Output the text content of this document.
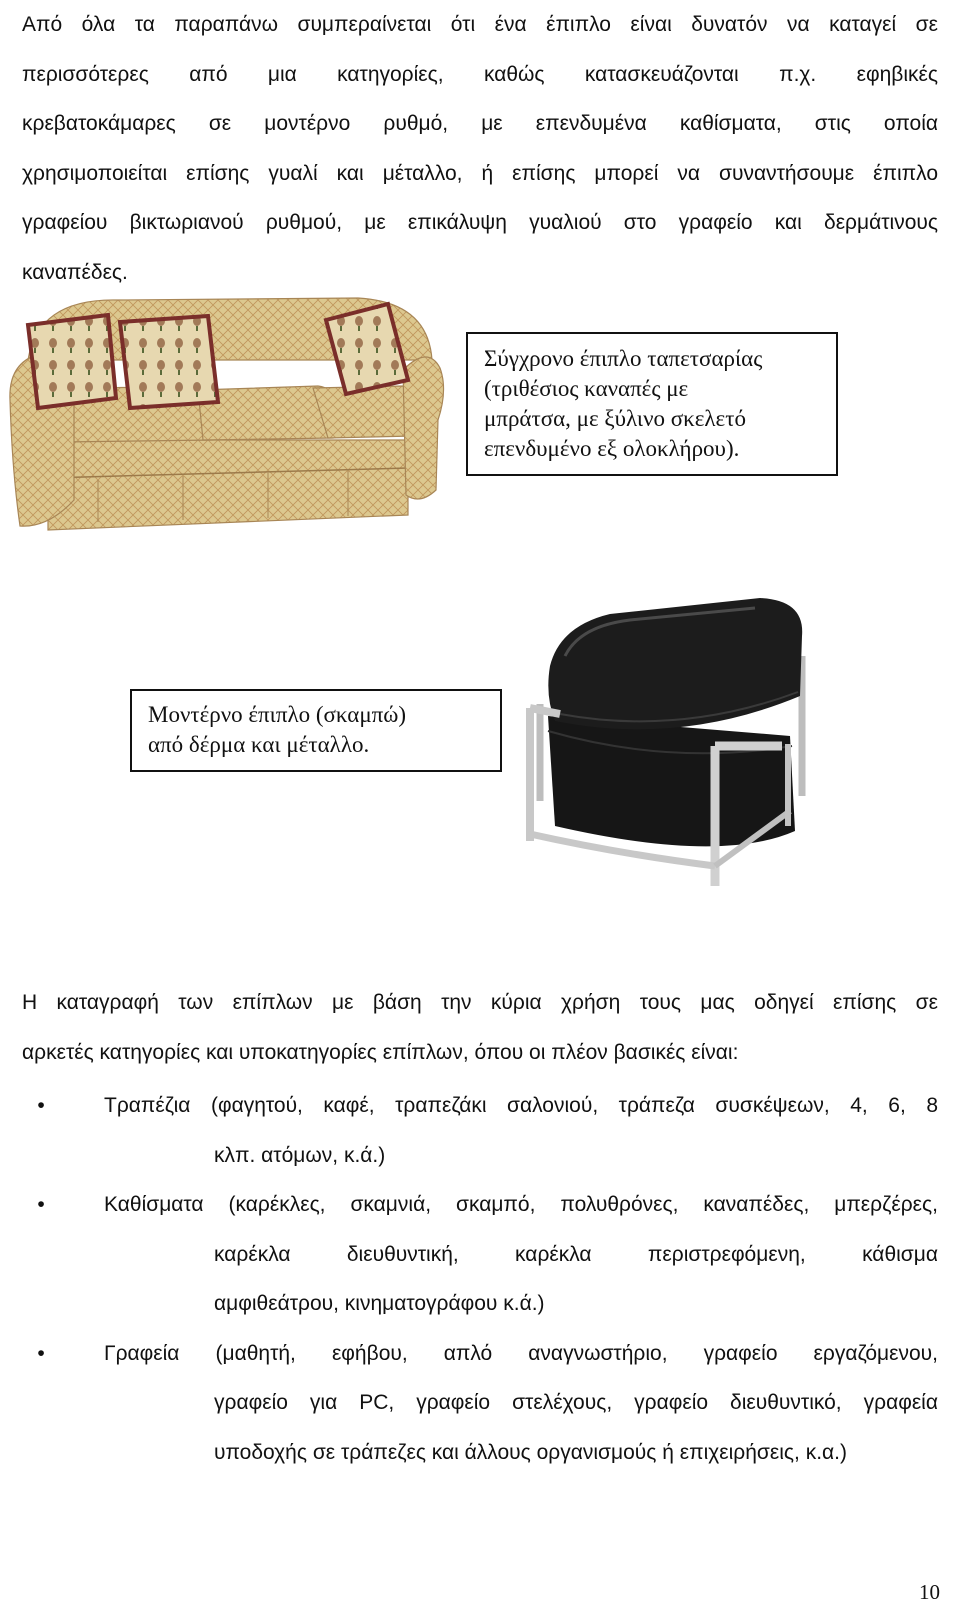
Από όλα τα παραπάνω συμπεραίνεται ότι ένα έπιπλο είναι δυνατόν να καταγεί σε
περισσότερες από μια κατηγορίες, καθώς κατασκευάζονται π.χ. εφηβικές
κρεβατοκάμαρες σε μοντέρνο ρυθμό, με επενδυμένα καθίσματα, στις οποία
χρησιμοποιείται επίσης γυαλί και μέταλλο, ή επίσης μπορεί να συναντήσουμε έπιπλο
γραφείου βικτωριανού ρυθμού, με επικάλυψη γυαλιού στο γραφείο και δερμάτινους
καναπέδες.
Σύγχρονο έπιπλο ταπετσαρίας
(τριθέσιος καναπές με
μπράτσα, με ξύλινο σκελετό
επενδυμένο εξ ολοκλήρου).
Μοντέρνο έπιπλο (σκαμπώ)
από δέρμα και μέταλλο.
Η καταγραφή των επίπλων με βάση την κύρια χρήση τους μας οδηγεί επίσης σε
αρκετές κατηγορίες και υποκατηγορίες επίπλων, όπου οι πλέον βασικές είναι:
•	Τραπέζια (φαγητού, καφέ, τραπεζάκι σαλονιού, τράπεζα συσκέψεων, 4, 6, 8
κλπ. ατόμων, κ.ά.)
•	Καθίσματα (καρέκλες, σκαμνιά, σκαμπό, πολυθρόνες, καναπέδες, μπερζέρες,
καρέκλα διευθυντική, καρέκλα περιστρεφόμενη, κάθισμα
αμφιθεάτρου, κινηματογράφου κ.ά.)
•	Γραφεία (μαθητή, εφήβου, απλό αναγνωστήριο, γραφείο εργαζόμενου,
γραφείο για PC, γραφείο στελέχους, γραφείο διευθυντικό, γραφεία
υποδοχής σε τράπεζες και άλλους οργανισμούς ή επιχειρήσεις, κ.α.)
10
